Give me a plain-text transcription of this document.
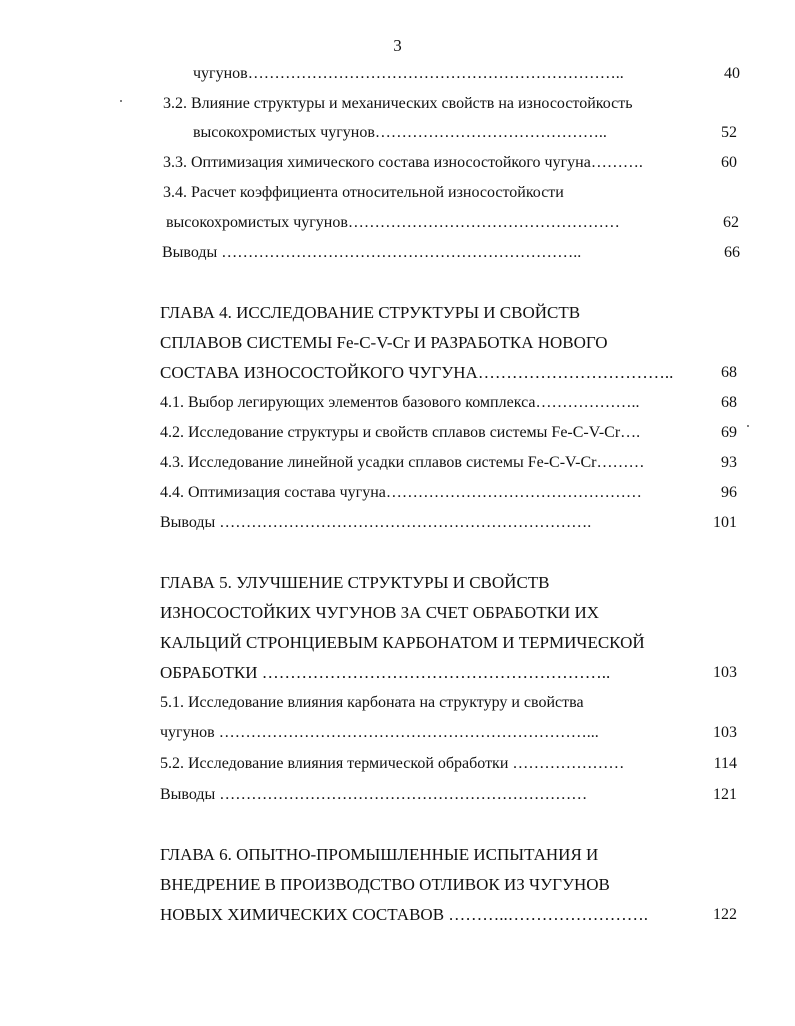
3
чугунов……………………………………………………………..	40
3.2. Влияние структуры и механических свойств на износостойкость
высокохромистых чугунов……………………………………..	52
3.3. Оптимизация химического состава износостойкого чугуна……….	60
3.4. Расчет коэффициента относительной износостойкости
высокохромистых чугунов……………………………………………	62
Выводы …………………………………………………………..	66
ГЛАВА 4. ИССЛЕДОВАНИЕ СТРУКТУРЫ И СВОЙСТВ
СПЛАВОВ СИСТЕМЫ Fe-C-V-Cr И РАЗРАБОТКА НОВОГО
СОСТАВА ИЗНОСОСТОЙКОГО ЧУГУНА……………………………..	68
4.1. Выбор легирующих элементов базового комплекса………………..	68
4.2. Исследование структуры и свойств сплавов системы Fe-C-V-Cr….	69
4.3. Исследование линейной усадки сплавов системы Fe-C-V-Cr………	93
4.4. Оптимизация состава чугуна…………………………………………	96
Выводы …………………………………………………………….	101
ГЛАВА 5. УЛУЧШЕНИЕ СТРУКТУРЫ И СВОЙСТВ
ИЗНОСОСТОЙКИХ ЧУГУНОВ ЗА СЧЕТ ОБРАБОТКИ ИХ
КАЛЬЦИЙ СТРОНЦИЕВЫМ КАРБОНАТОМ И ТЕРМИЧЕСКОЙ
ОБРАБОТКИ ……………………………………………………..	103
5.1. Исследование влияния карбоната на структуру и свойства
чугунов ……………………………………………………………...	103
5.2. Исследование влияния термической обработки …………………	114
Выводы ……………………………………………………………	121
ГЛАВА 6. ОПЫТНО-ПРОМЫШЛЕННЫЕ ИСПЫТАНИЯ И
ВНЕДРЕНИЕ В ПРОИЗВОДСТВО ОТЛИВОК ИЗ ЧУГУНОВ
НОВЫХ ХИМИЧЕСКИХ СОСТАВОВ ………..…………………….	122
